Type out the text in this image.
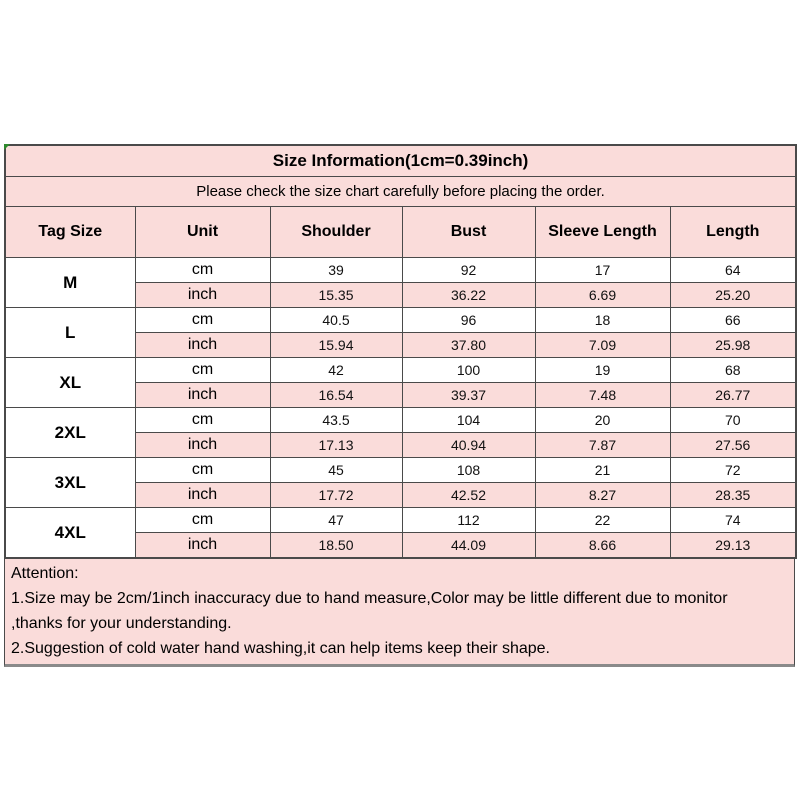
Size Information(1cm=0.39inch)					
Please check the size chart carefully before placing the order.					
Tag Size	Unit	Shoulder	Bust	Sleeve Length	Length
M	cm	39	92	17	64
	inch	15.35	36.22	6.69	25.20
L	cm	40.5	96	18	66
	inch	15.94	37.80	7.09	25.98
XL	cm	42	100	19	68
	inch	16.54	39.37	7.48	26.77
2XL	cm	43.5	104	20	70
	inch	17.13	40.94	7.87	27.56
3XL	cm	45	108	21	72
	inch	17.72	42.52	8.27	28.35
4XL	cm	47	112	22	74
	inch	18.50	44.09	8.66	29.13
Attention:
1.Size may be 2cm/1inch inaccuracy due to hand measure,Color may be little different due to monitor
,thanks for your understanding.
2.Suggestion of cold water hand washing,it can help items keep their shape.
